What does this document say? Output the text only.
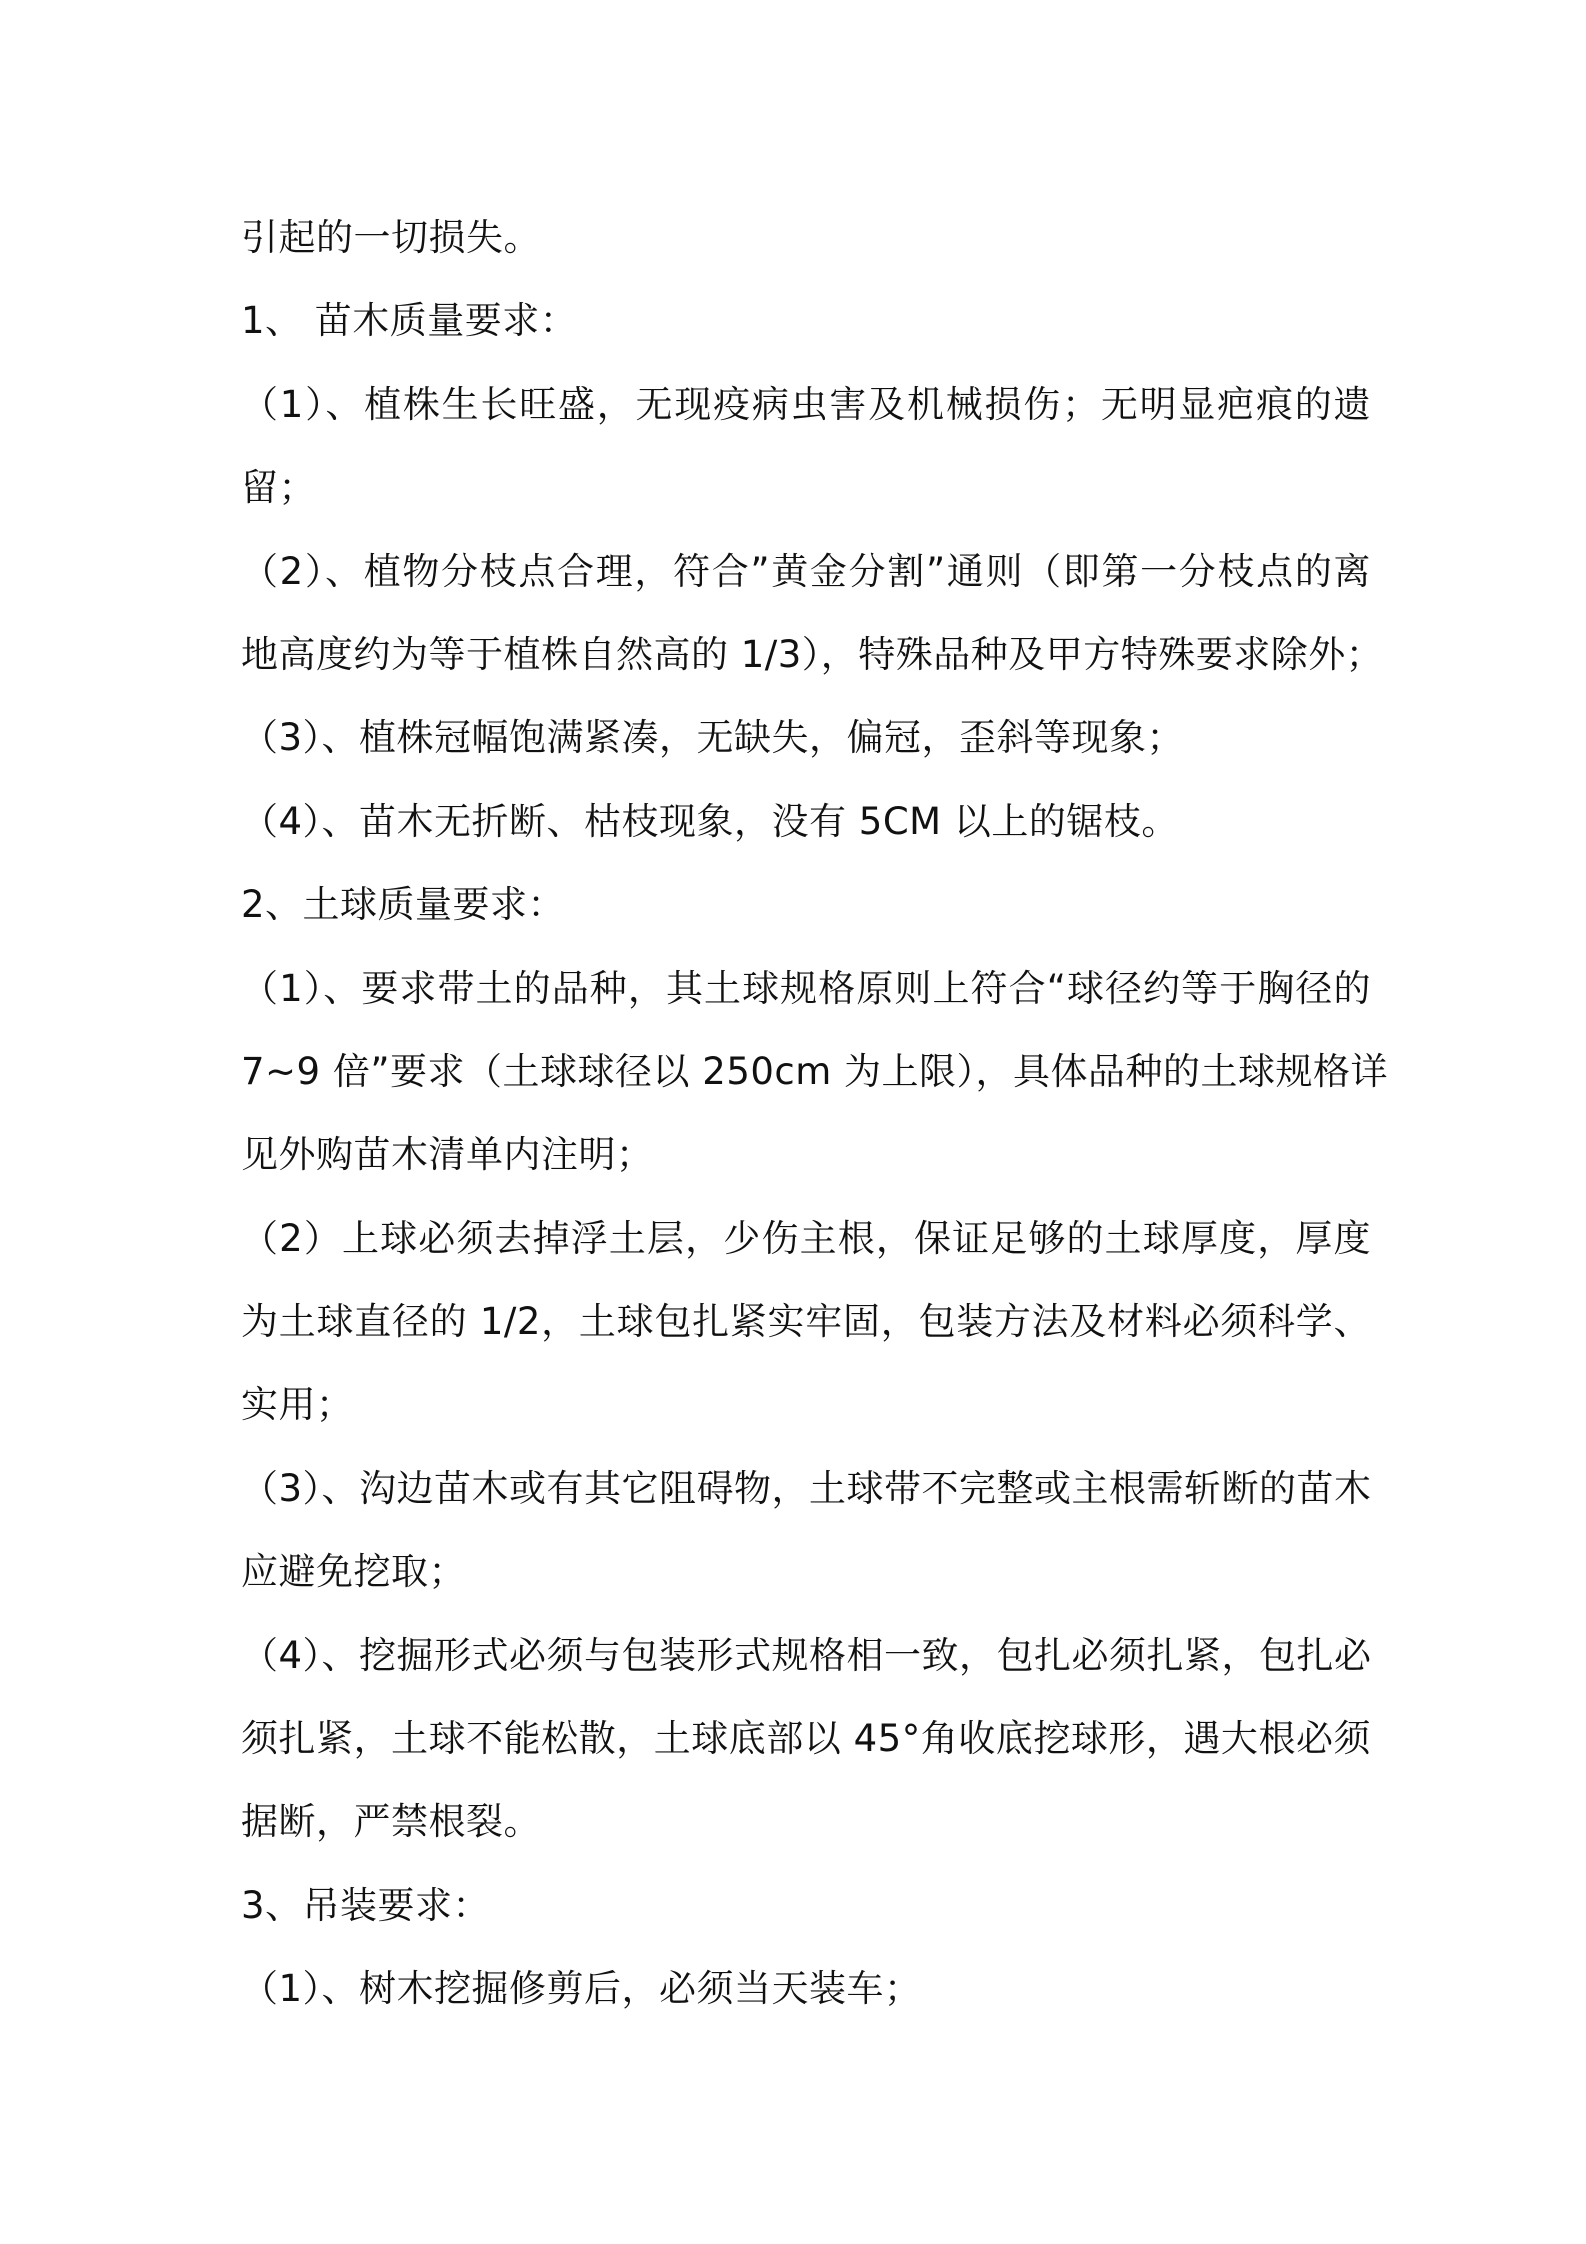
引起的一切损失。
1、 苗木质量要求：
（1）、植株生长旺盛，无现疫病虫害及机械损伤；无明显疤痕的遗
留；
（2）、植物分枝点合理，符合”黄金分割”通则（即第一分枝点的离
地高度约为等于植株自然高的 1/3），特殊品种及甲方特殊要求除外；
（3）、植株冠幅饱满紧凑，无缺失，偏冠，歪斜等现象；
（4）、苗木无折断、枯枝现象，没有 5CM 以上的锯枝。
2、土球质量要求：
（1）、要求带土的品种，其土球规格原则上符合“球径约等于胸径的
7~9 倍”要求（土球球径以 250cm 为上限），具体品种的土球规格详
见外购苗木清单内注明；
（2）上球必须去掉浮土层，少伤主根，保证足够的土球厚度，厚度
为土球直径的 1/2，土球包扎紧实牢固，包装方法及材料必须科学、
实用；
（3）、沟边苗木或有其它阻碍物，土球带不完整或主根需斩断的苗木
应避免挖取；
（4）、挖掘形式必须与包装形式规格相一致，包扎必须扎紧，包扎必
须扎紧，土球不能松散，土球底部以 45°角收底挖球形，遇大根必须
据断，严禁根裂。
3、吊装要求：
（1）、树木挖掘修剪后，必须当天装车；
